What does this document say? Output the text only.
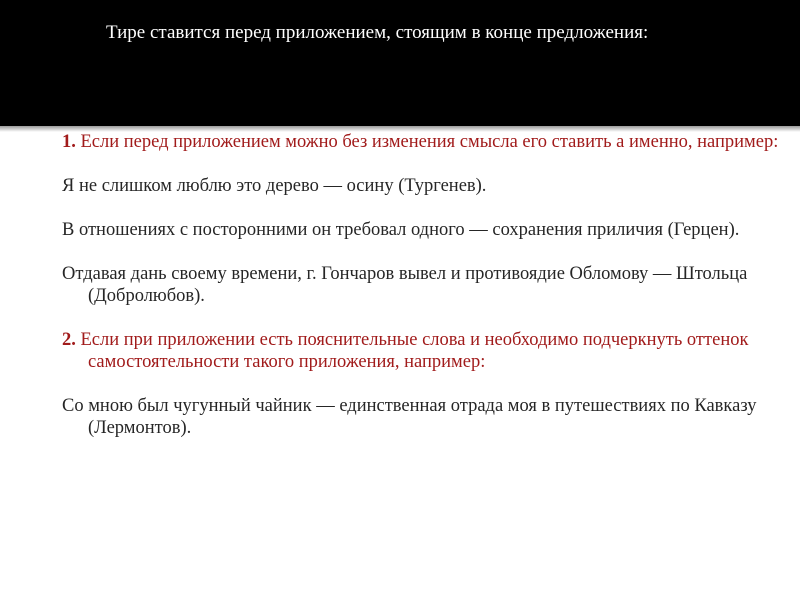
Тире ставится перед приложением, стоящим в конце предложения:

1. Если перед приложением можно без изменения смысла его ставить а именно, например:

Я не слишком люблю это дерево — осину (Тургенев).

В отношениях с посторонними он требовал одного — сохранения приличия (Герцен).

Отдавая дань своему времени, г. Гончаров вывел и противоядие Обломову — Штольца (Добролюбов).

2. Если при приложении есть пояснительные слова и необходимо подчеркнуть оттенок самостоятельности такого приложения, например:

Со мною был чугунный чайник — единственная отрада моя в путешествиях по Кавказу (Лермонтов).
